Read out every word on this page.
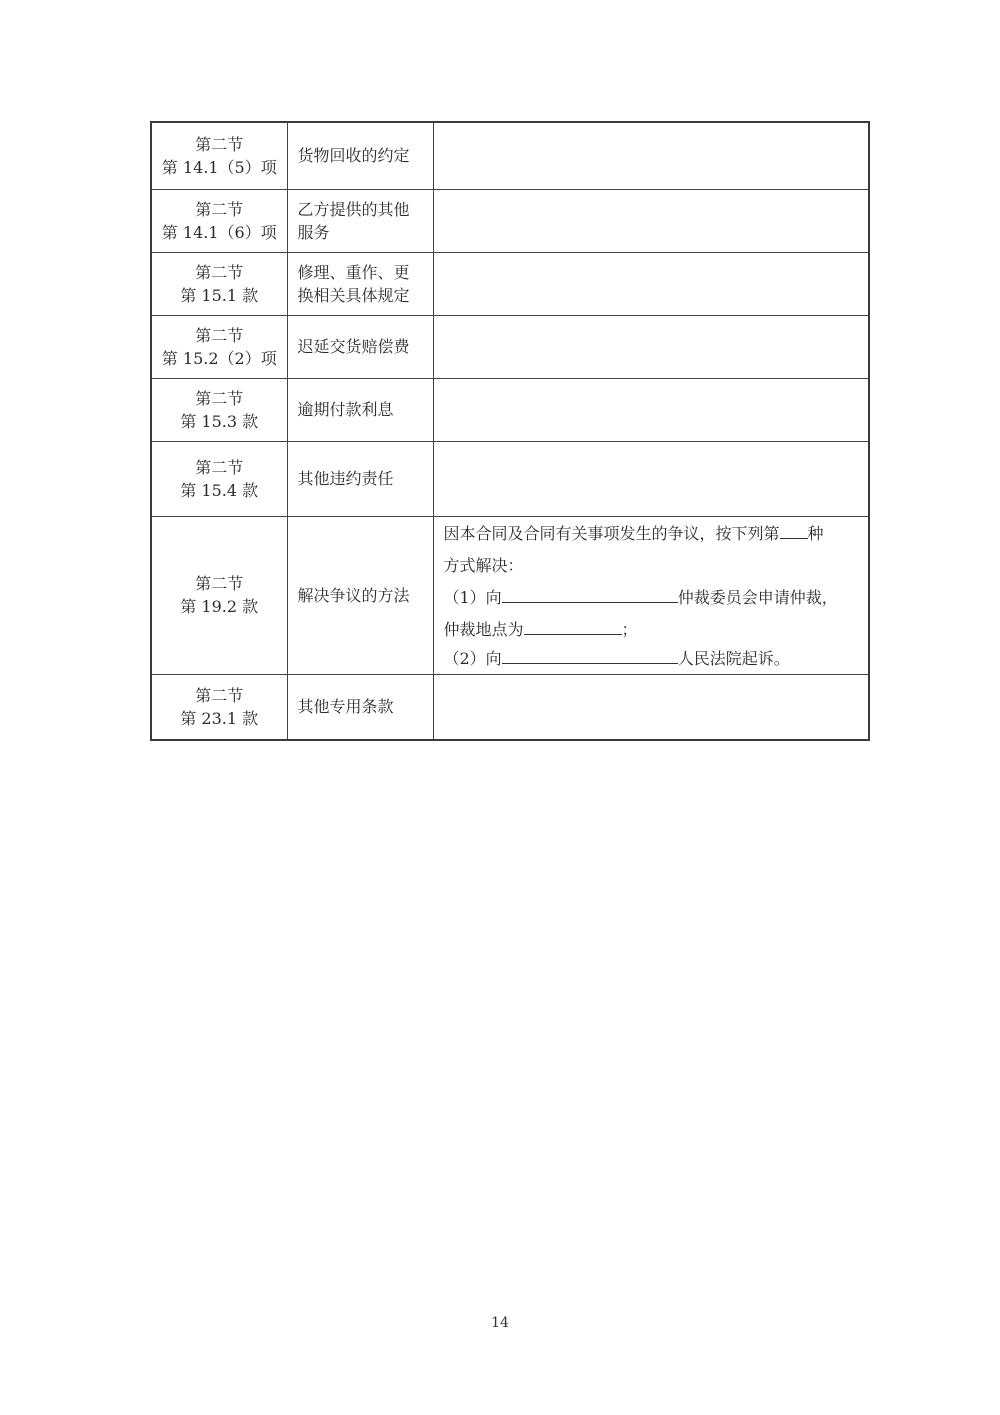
第二节
第 14.1（5）项	货物回收的约定	

第二节
第 14.1（6）项	乙方提供的其他
服务	

第二节
第 15.1 款	修理、重作、更
换相关具体规定	

第二节
第 15.2（2）项	迟延交货赔偿费	

第二节
第 15.3 款	逾期付款利息	

第二节
第 15.4 款	其他违约责任	

第二节
第 19.2 款	解决争议的方法	因本合同及合同有关事项发生的争议，按下列第 种
方式解决：
（1）向 仲裁委员会申请仲裁，
仲裁地点为 ；
（2）向 人民法院起诉。

第二节
第 23.1 款	其他专用条款	

14
